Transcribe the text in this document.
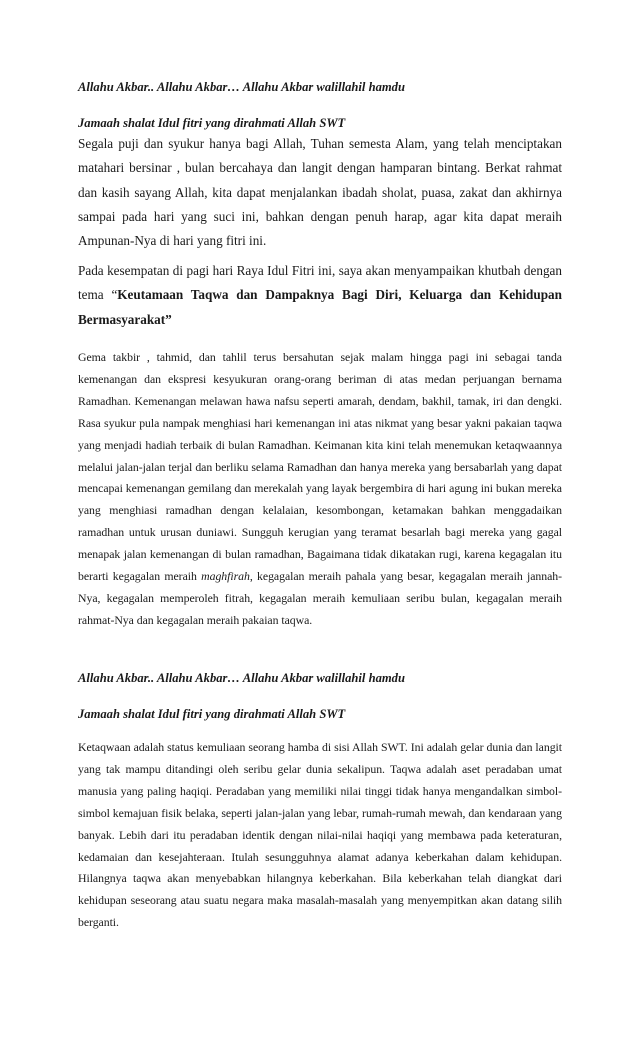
Allahu Akbar.. Allahu Akbar… Allahu Akbar walillahil hamdu
Jamaah shalat Idul fitri yang dirahmati Allah SWT

Segala puji dan syukur hanya bagi Allah, Tuhan semesta Alam, yang telah menciptakan matahari bersinar , bulan bercahaya dan langit dengan hamparan bintang. Berkat rahmat dan kasih sayang Allah, kita dapat menjalankan ibadah sholat, puasa, zakat dan akhirnya sampai pada hari yang suci ini, bahkan dengan penuh harap, agar kita dapat meraih Ampunan-Nya di hari yang fitri ini.

Pada kesempatan di pagi hari Raya Idul Fitri ini, saya akan menyampaikan khutbah dengan tema “Keutamaan Taqwa dan Dampaknya Bagi Diri, Keluarga dan Kehidupan Bermasyarakat”

Gema takbir , tahmid, dan tahlil terus bersahutan sejak malam hingga pagi ini sebagai tanda kemenangan dan ekspresi kesyukuran orang-orang beriman di atas medan perjuangan bernama Ramadhan. Kemenangan melawan hawa nafsu seperti amarah, dendam, bakhil, tamak, iri dan dengki. Rasa syukur pula nampak menghiasi hari kemenangan ini atas nikmat yang besar yakni pakaian taqwa yang menjadi hadiah terbaik di bulan Ramadhan. Keimanan kita kini telah menemukan ketaqwaannya melalui jalan-jalan terjal dan berliku selama Ramadhan dan hanya mereka yang bersabarlah yang dapat mencapai kemenangan gemilang dan merekalah yang layak bergembira di hari agung ini bukan mereka yang menghiasi ramadhan dengan kelalaian, kesombongan, ketamakan bahkan menggadaikan ramadhan untuk urusan duniawi. Sungguh kerugian yang teramat besarlah bagi mereka yang gagal menapak jalan kemenangan di bulan ramadhan, Bagaimana tidak dikatakan rugi, karena kegagalan itu berarti kegagalan meraih maghfirah, kegagalan meraih pahala yang besar, kegagalan meraih jannah-Nya, kegagalan memperoleh fitrah, kegagalan meraih kemuliaan seribu bulan, kegagalan meraih rahmat-Nya dan kegagalan meraih pakaian taqwa.

Allahu Akbar.. Allahu Akbar… Allahu Akbar walillahil hamdu
Jamaah shalat Idul fitri yang dirahmati Allah SWT

Ketaqwaan adalah status kemuliaan seorang hamba di sisi Allah SWT. Ini adalah gelar dunia dan langit yang tak mampu ditandingi oleh seribu gelar dunia sekalipun. Taqwa adalah aset peradaban umat manusia yang paling haqiqi. Peradaban yang memiliki nilai tinggi tidak hanya mengandalkan simbol-simbol kemajuan fisik belaka, seperti jalan-jalan yang lebar, rumah-rumah mewah, dan kendaraan yang banyak. Lebih dari itu peradaban identik dengan nilai-nilai haqiqi yang membawa pada keteraturan, kedamaian dan kesejahteraan. Itulah sesungguhnya alamat adanya keberkahan dalam kehidupan. Hilangnya taqwa akan menyebabkan hilangnya keberkahan. Bila keberkahan telah diangkat dari kehidupan seseorang atau suatu negara maka masalah-masalah yang menyempitkan akan datang silih berganti.
